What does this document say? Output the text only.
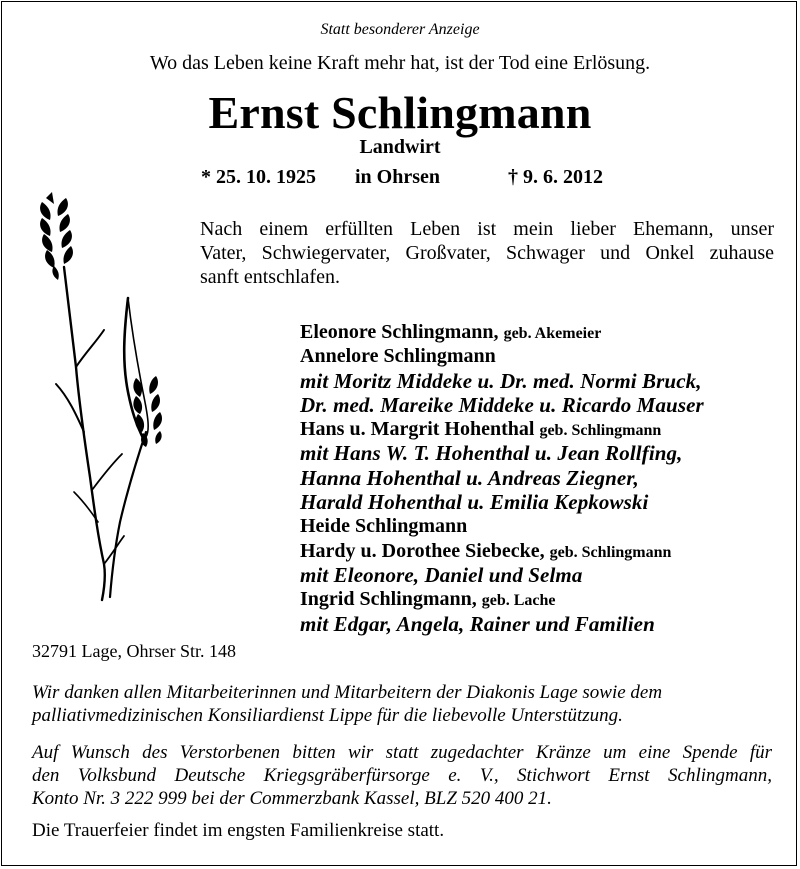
Statt besonderer Anzeige
Wo das Leben keine Kraft mehr hat, ist der Tod eine Erlösung.
Ernst Schlingmann
Landwirt
* 25. 10. 1925 in Ohrsen	† 9. 6. 2012
Nach einem erfüllten Leben ist mein lieber Ehemann, unser
Vater, Schwiegervater, Großvater, Schwager und Onkel zuhause
sanft entschlafen.
Eleonore Schlingmann, geb. Akemeier
Annelore Schlingmann
mit Moritz Middeke u. Dr. med. Normi Bruck,
Dr. med. Mareike Middeke u. Ricardo Mauser
Hans u. Margrit Hohenthal geb. Schlingmann
mit Hans W. T. Hohenthal u. Jean Rollfing,
Hanna Hohenthal u. Andreas Ziegner,
Harald Hohenthal u. Emilia Kepkowski
Heide Schlingmann
Hardy u. Dorothee Siebecke, geb. Schlingmann
mit Eleonore, Daniel und Selma
Ingrid Schlingmann, geb. Lache
mit Edgar, Angela, Rainer und Familien
32791 Lage, Ohrser Str. 148
Wir danken allen Mitarbeiterinnen und Mitarbeitern der Diakonis Lage sowie dem
palliativmedizinischen Konsiliardienst Lippe für die liebevolle Unterstützung.
Auf Wunsch des Verstorbenen bitten wir statt zugedachter Kränze um eine Spende für
den Volksbund Deutsche Kriegsgräberfürsorge e. V., Stichwort Ernst Schlingmann,
Konto Nr. 3 222 999 bei der Commerzbank Kassel, BLZ 520 400 21.
Die Trauerfeier findet im engsten Familienkreise statt.
